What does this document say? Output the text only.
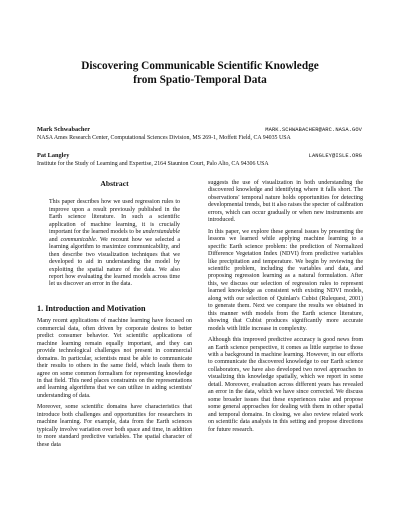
Discovering Communicable Scientific Knowledge
from Spatio-Temporal Data
Mark Schwabacher	MARK.SCHWABACHER@ARC.NASA.GOV
NASA Ames Research Center, Computational Sciences Division, MS 269-1, Moffett Field, CA 94035 USA
Pat Langley	LANGLEY@ISLE.ORG
Institute for the Study of Learning and Expertise, 2164 Staunton Court, Palo Alto, CA 94306 USA
Abstract

This paper describes how we used regression rules to improve upon a result previously published in the Earth science literature. In such a scientific application of machine learning, it is crucially important for the learned models to be understandable and communicable. We recount how we selected a learning algorithm to maximize communicability, and then describe two visualization techniques that we developed to aid in understanding the model by exploiting the spatial nature of the data. We also report how evaluating the learned models across time let us discover an error in the data.

1. Introduction and Motivation

Many recent applications of machine learning have focused on commercial data, often driven by corporate desires to better predict consumer behavior. Yet scientific applications of machine learning remain equally important, and they can provide technological challenges not present in commercial domains. In particular, scientists must be able to communicate their results to others in the same field, which leads them to agree on some common formalism for representing knowledge in that field. This need places constraints on the representations and learning algorithms that we can utilize in aiding scientists' understanding of data.

Moreover, some scientific domains have characteristics that introduce both challenges and opportunities for researchers in machine learning. For example, data from the Earth sciences typically involve variation over both space and time, in addition to more standard predictive variables. The spatial character of these data

suggests the use of visualization in both understanding the discovered knowledge and identifying where it falls short. The observations' temporal nature holds opportunities for detecting developmental trends, but it also raises the specter of calibration errors, which can occur gradually or when new instruments are introduced.

In this paper, we explore these general issues by presenting the lessons we learned while applying machine learning to a specific Earth science problem: the prediction of Normalized Difference Vegetation Index (NDVI) from predictive variables like precipitation and temperature. We begin by reviewing the scientific problem, including the variables and data, and proposing regression learning as a natural formulation. After this, we discuss our selection of regression rules to represent learned knowledge as consistent with existing NDVI models, along with our selection of Quinlan's Cubist (Rulequest, 2001) to generate them. Next we compare the results we obtained in this manner with models from the Earth science literature, showing that Cubist produces significantly more accurate models with little increase in complexity.

Although this improved predictive accuracy is good news from an Earth science perspective, it comes as little surprise to those with a background in machine learning. However, in our efforts to communicate the discovered knowledge to our Earth science collaborators, we have also developed two novel approaches to visualizing this knowledge spatially, which we report in some detail. Moreover, evaluation across different years has revealed an error in the data, which we have since corrected. We discuss some broader issues that these experiences raise and propose some general approaches for dealing with them in other spatial and temporal domains. In closing, we also review related work on scientific data analysis in this setting and propose directions for future research.
